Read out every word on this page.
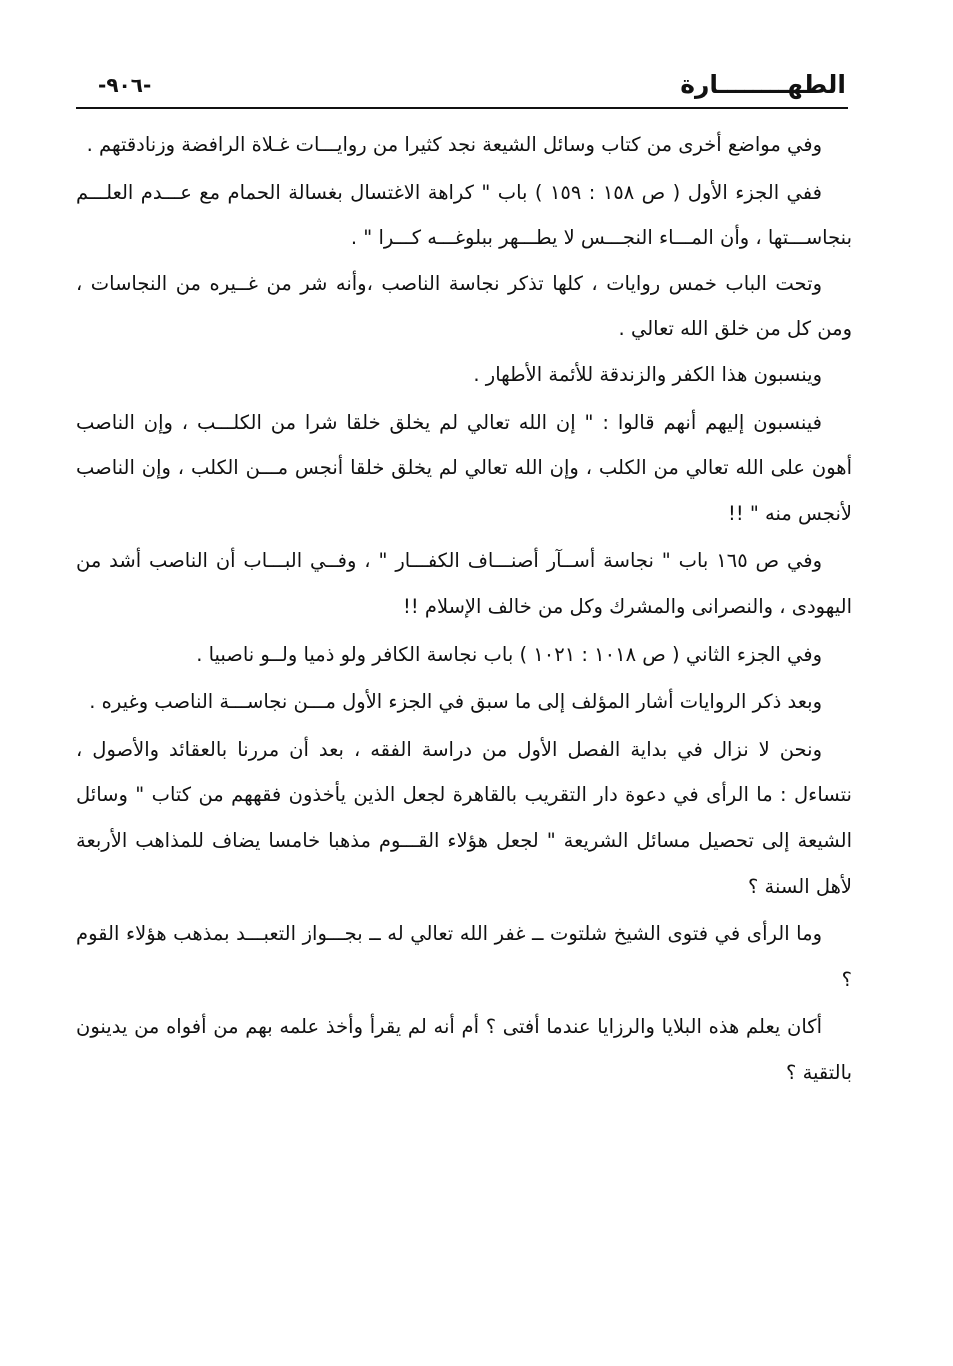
الطهــــــــارة
-٩٠٦-

وفي مواضع أخرى من كتاب وسائل الشيعة نجد كثيرا من روايـــات غـلاة الرافضة وزنادقتهم .

ففي الجزء الأول ( ص ١٥٨ : ١٥٩ ) باب " كراهة الاغتسال بغسالة الحمام مع عـــدم العلـــم بنجاســـتها ، وأن المـــاء النجـــس لا يطـــهر ببلوغـــه كـــرا " .

وتحت الباب خمس روايات ، كلها تذكر نجاسة الناصب ،وأنه شر من غــيره من النجاسات ، ومن كل من خلق الله تعالي .

وينسبون هذا الكفر والزندقة للأئمة الأطهار .

فينسبون إليهم أنهم قالوا : " إن الله تعالي لم يخلق خلقا شرا من الكلـــب ، وإن الناصب أهون على الله تعالي من الكلب ، وإن الله تعالي لم يخلق خلقا أنجس مـــن الكلب ، وإن الناصب لأنجس منه " !!

وفي ص ١٦٥ باب " نجاسة أســآر أصنـــاف الكفـــار " ، وفــي البـــاب أن الناصب أشد من اليهودى ، والنصرانى والمشرك وكل من خالف الإسلام !!

وفي الجزء الثاني ( ص ١٠١٨ : ١٠٢١ ) باب نجاسة الكافر ولو ذميا ولــو ناصبيا .

وبعد ذكر الروايات أشار المؤلف إلى ما سبق في الجزء الأول مـــن نجاســـة الناصب وغيره .

ونحن لا نزال في بداية الفصل الأول من دراسة الفقه ، بعد أن مررنا بالعقائد والأصول ، نتساءل : ما الرأى في دعوة دار التقريب بالقاهرة لجعل الذين يأخذون فقههم من كتاب " وسائل الشيعة إلى تحصيل مسائل الشريعة " لجعل هؤلاء القـــوم مذهبا خامسا يضاف للمذاهب الأربعة لأهل السنة ؟

وما الرأى في فتوى الشيخ شلتوت ــ غفر الله تعالي له ــ بجـــواز التعبـــد بمذهب هؤلاء القوم ؟

أكان يعلم هذه البلايا والرزايا عندما أفتى ؟ أم أنه لم يقرأ وأخذ علمه بهم من أفواه من يدينون بالتقية ؟
